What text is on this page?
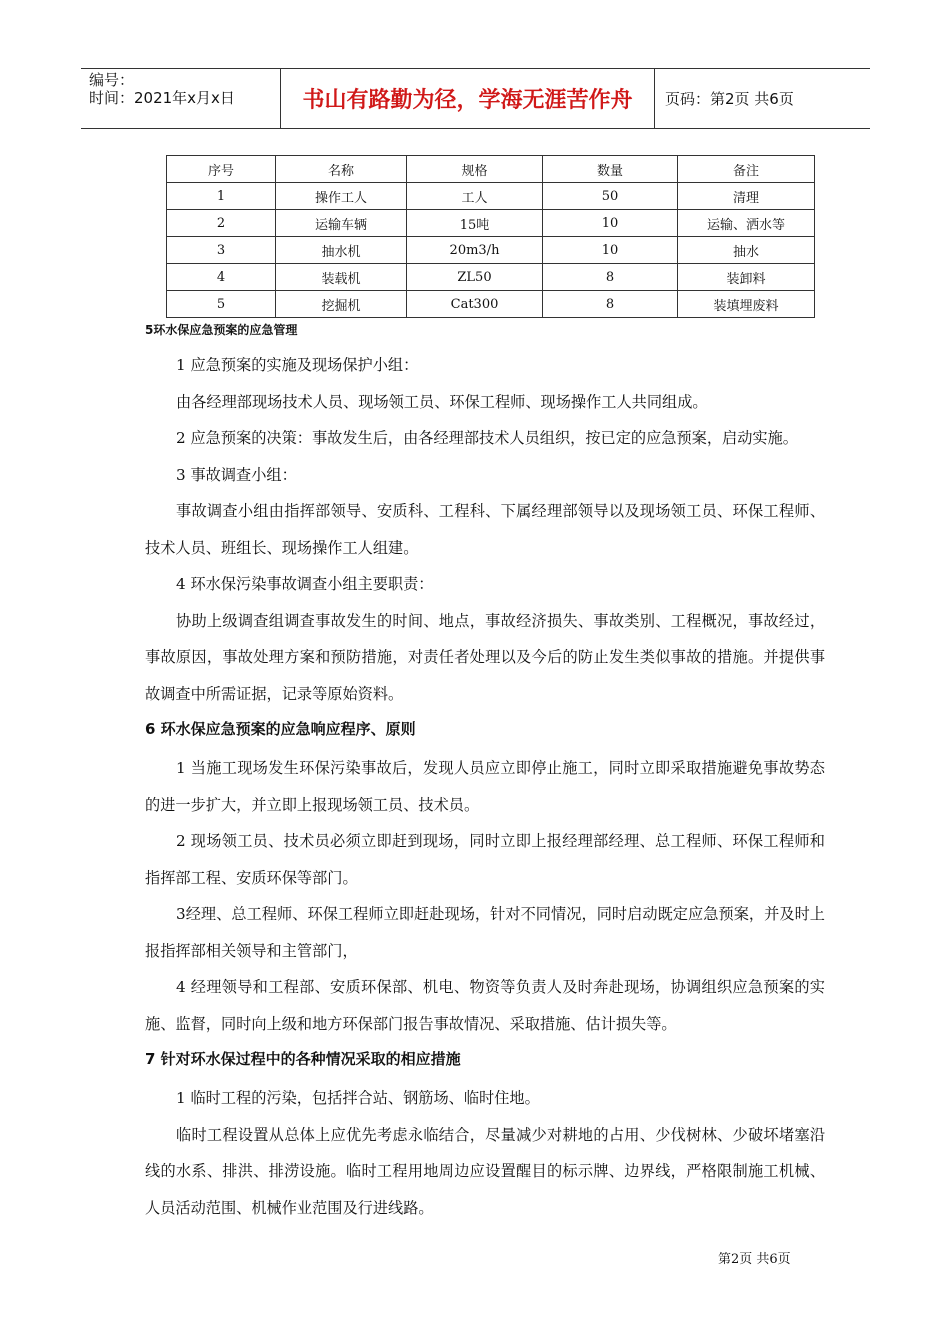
编号：
时间：2021年x月x日	书山有路勤为径，学海无涯苦作舟	页码：第2页 共6页
序号	名称	规格	数量	备注
1	操作工人	工人	50	清理
2	运输车辆	15吨	10	运输、洒水等
3	抽水机	20m3/h	10	抽水
4	装载机	ZL50	8	装卸料
5	挖掘机	Cat300	8	装填埋废料
5环水保应急预案的应急管理

1 应急预案的实施及现场保护小组：

由各经理部现场技术人员、现场领工员、环保工程师、现场操作工人共同组成。

2 应急预案的决策：事故发生后，由各经理部技术人员组织，按已定的应急预案，启动实施。

3 事故调查小组：

事故调查小组由指挥部领导、安质科、工程科、下属经理部领导以及现场领工员、环保工程师、技术人员、班组长、现场操作工人组建。

4 环水保污染事故调查小组主要职责：

协助上级调查组调查事故发生的时间、地点，事故经济损失、事故类别、工程概况，事故经过，事故原因，事故处理方案和预防措施，对责任者处理以及今后的防止发生类似事故的措施。并提供事故调查中所需证据，记录等原始资料。

6 环水保应急预案的应急响应程序、原则

1 当施工现场发生环保污染事故后，发现人员应立即停止施工，同时立即采取措施避免事故势态的进一步扩大，并立即上报现场领工员、技术员。

2 现场领工员、技术员必须立即赶到现场，同时立即上报经理部经理、总工程师、环保工程师和指挥部工程、安质环保等部门。

3经理、总工程师、环保工程师立即赶赴现场，针对不同情况，同时启动既定应急预案，并及时上报指挥部相关领导和主管部门，

4 经理领导和工程部、安质环保部、机电、物资等负责人及时奔赴现场，协调组织应急预案的实施、监督，同时向上级和地方环保部门报告事故情况、采取措施、估计损失等。

7 针对环水保过程中的各种情况采取的相应措施

1 临时工程的污染，包括拌合站、钢筋场、临时住地。

临时工程设置从总体上应优先考虑永临结合，尽量减少对耕地的占用、少伐树林、少破坏堵塞沿线的水系、排洪、排涝设施。临时工程用地周边应设置醒目的标示牌、边界线，严格限制施工机械、人员活动范围、机械作业范围及行进线路。

第2页 共6页
